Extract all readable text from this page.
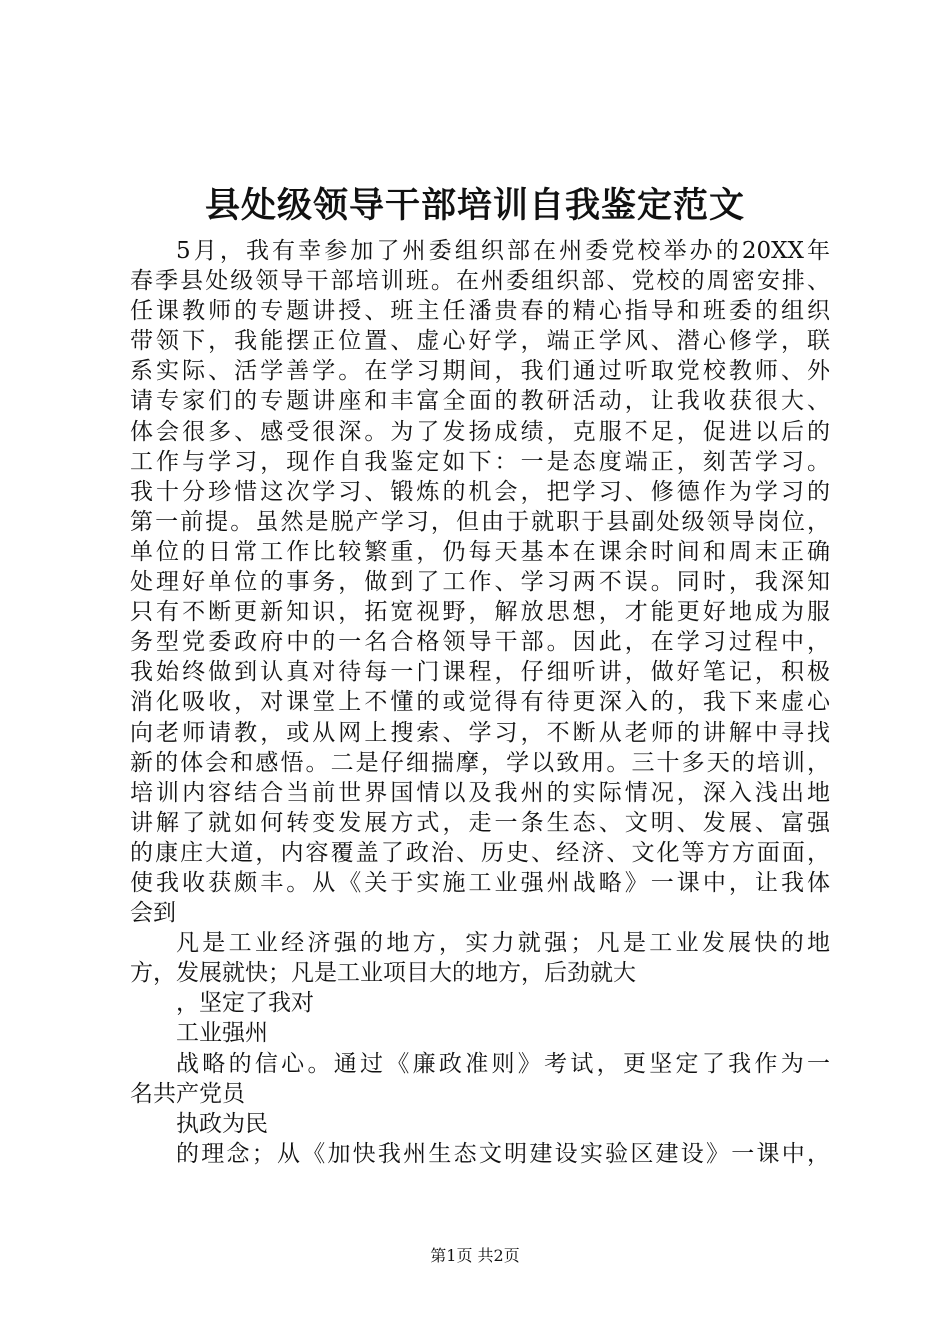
县处级领导干部培训自我鉴定范文
5月，我有幸参加了州委组织部在州委党校举办的20XX年
春季县处级领导干部培训班。在州委组织部、党校的周密安排、
任课教师的专题讲授、班主任潘贵春的精心指导和班委的组织
带领下，我能摆正位置、虚心好学，端正学风、潜心修学，联
系实际、活学善学。在学习期间，我们通过听取党校教师、外
请专家们的专题讲座和丰富全面的教研活动，让我收获很大、
体会很多、感受很深。为了发扬成绩，克服不足，促进以后的
工作与学习，现作自我鉴定如下：一是态度端正，刻苦学习。
我十分珍惜这次学习、锻炼的机会，把学习、修德作为学习的
第一前提。虽然是脱产学习，但由于就职于县副处级领导岗位，
单位的日常工作比较繁重，仍每天基本在课余时间和周末正确
处理好单位的事务，做到了工作、学习两不误。同时，我深知
只有不断更新知识，拓宽视野，解放思想，才能更好地成为服
务型党委政府中的一名合格领导干部。因此，在学习过程中，
我始终做到认真对待每一门课程，仔细听讲，做好笔记，积极
消化吸收，对课堂上不懂的或觉得有待更深入的，我下来虚心
向老师请教，或从网上搜索、学习，不断从老师的讲解中寻找
新的体会和感悟。二是仔细揣摩，学以致用。三十多天的培训，
培训内容结合当前世界国情以及我州的实际情况，深入浅出地
讲解了就如何转变发展方式，走一条生态、文明、发展、富强
的康庄大道，内容覆盖了政治、历史、经济、文化等方方面面，
使我收获颇丰。从《关于实施工业强州战略》一课中，让我体
会到
凡是工业经济强的地方，实力就强；凡是工业发展快的地
方，发展就快；凡是工业项目大的地方，后劲就大
，坚定了我对
工业强州
战略的信心。通过《廉政准则》考试，更坚定了我作为一
名共产党员
执政为民
的理念；从《加快我州生态文明建设实验区建设》一课中，
第1页 共2页
